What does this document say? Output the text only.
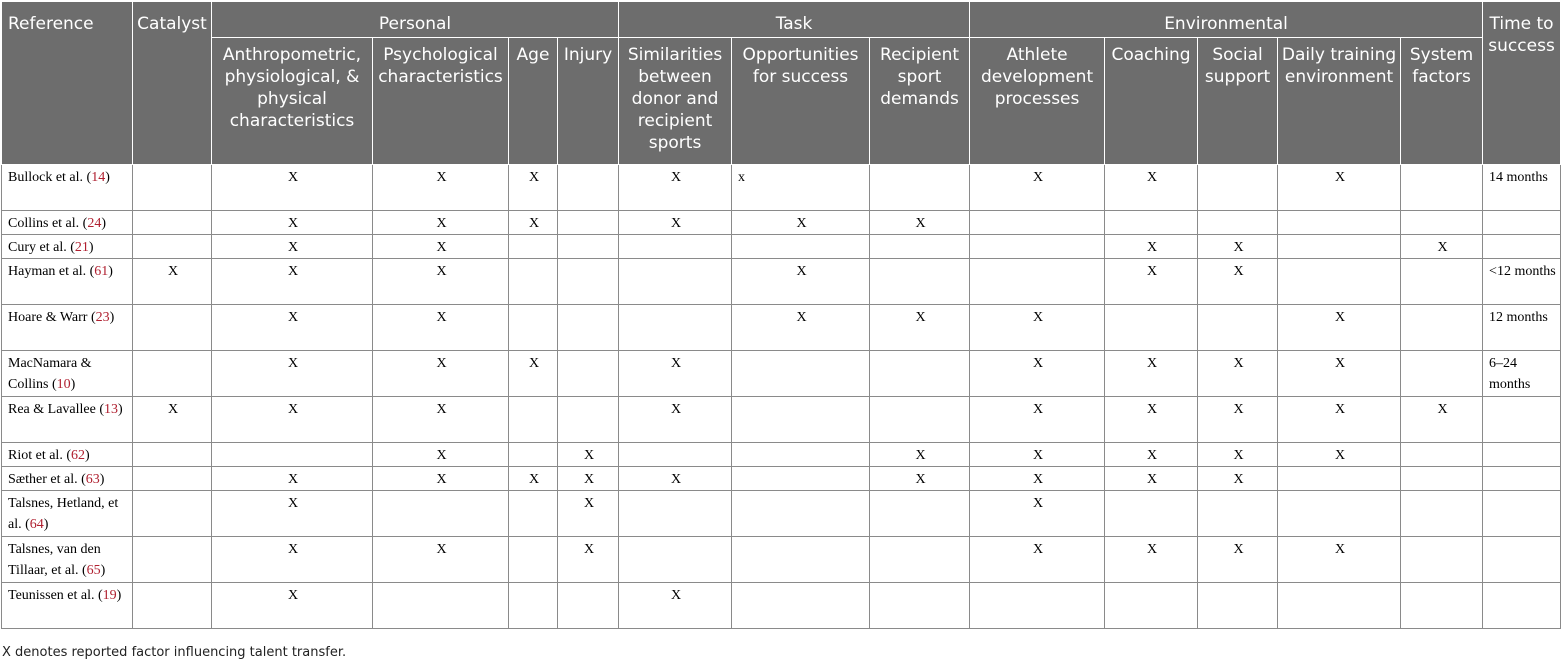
Reference	Catalyst	Personal				Task			Environmental					Time to success
		Anthropometric, physiological, & physical characteristics	Psychological characteristics	Age	Injury	Similarities between donor and recipient sports	Opportunities for success	Recipient sport demands	Athlete development processes	Coaching	Social support	Daily training environment	System factors	
Bullock et al. (14)		X	X	X		X	x		X	X		X		14 months
Collins et al. (24)		X	X	X		X	X	X						
Cury et al. (21)		X	X							X	X		X	
Hayman et al. (61)	X	X	X				X			X	X			<12 months
Hoare & Warr (23)		X	X				X	X	X			X		12 months
MacNamara & Collins (10)		X	X	X		X			X	X	X	X		6–24 months
Rea & Lavallee (13)	X	X	X			X			X	X	X	X	X	
Riot et al. (62)			X		X			X	X	X	X	X		
Sæther et al. (63)		X	X	X	X	X		X	X	X	X			
Talsnes, Hetland, et al. (64)		X			X				X					
Talsnes, van den Tillaar, et al. (65)		X	X		X				X	X	X	X		
Teunissen et al. (19)		X				X								
X denotes reported factor influencing talent transfer.
